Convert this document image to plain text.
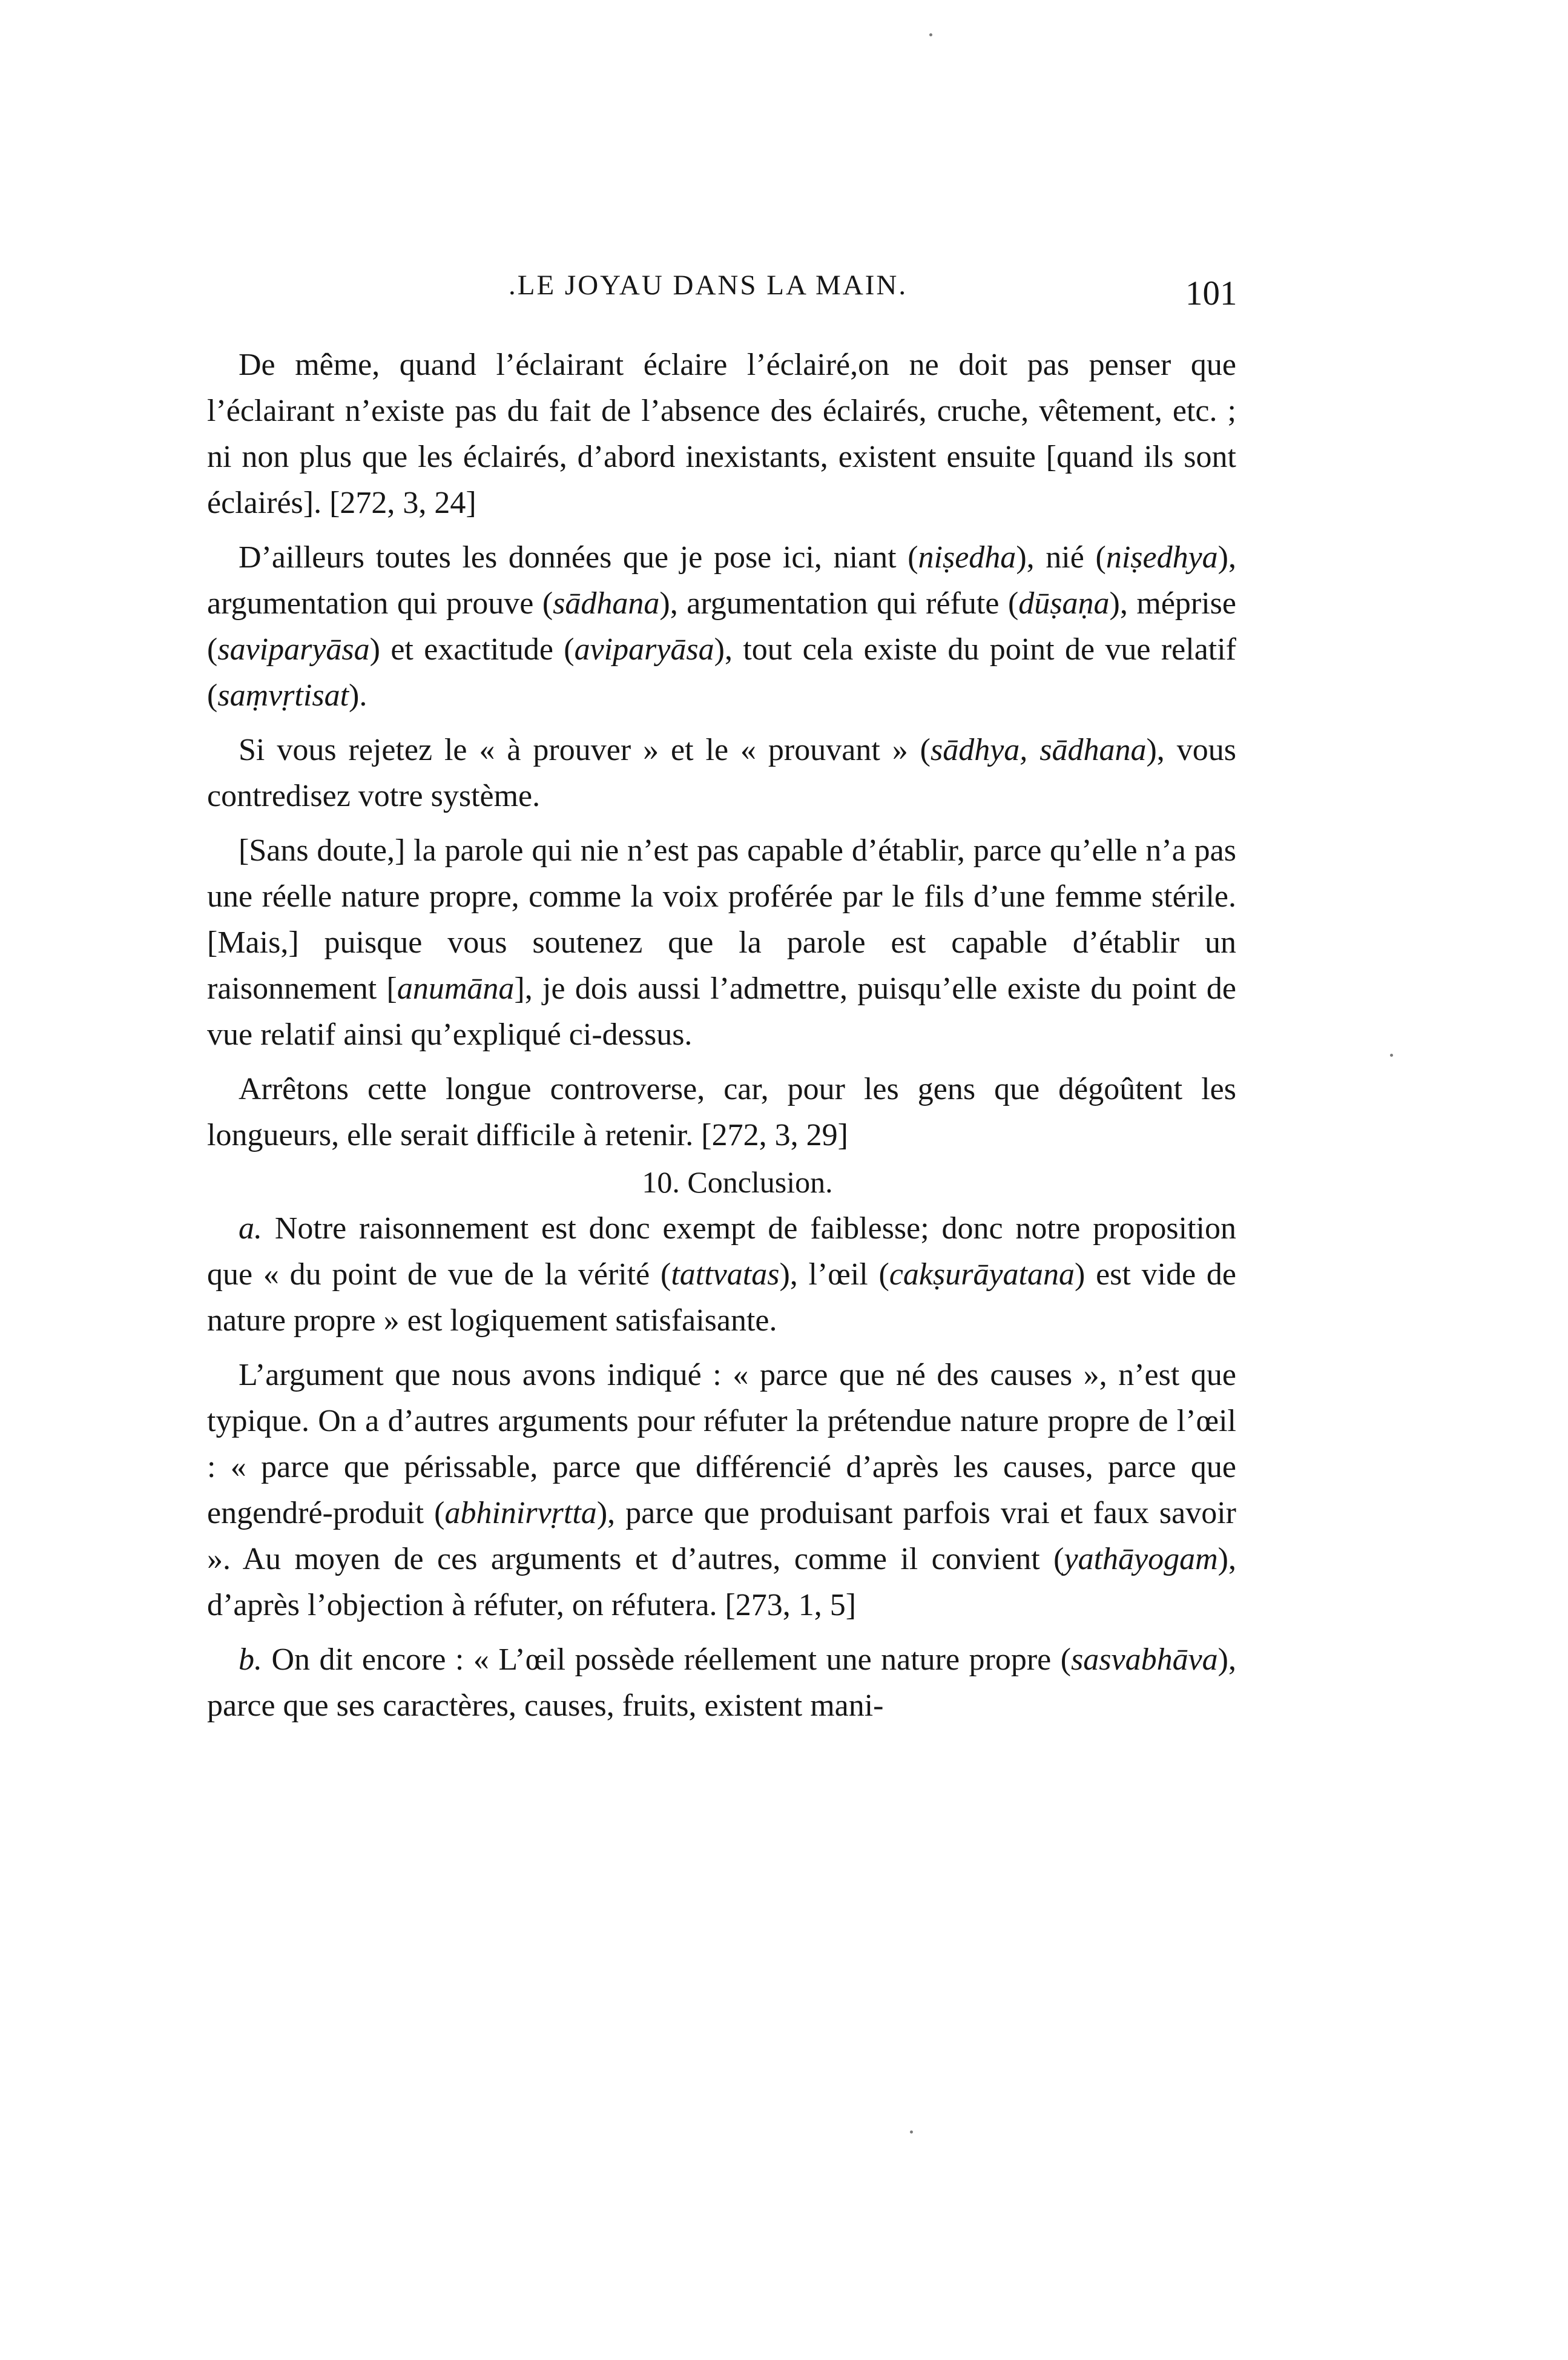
.LE JOYAU DANS LA MAIN.	101

De même, quand l’éclairant éclaire l’éclairé,on ne doit pas penser que l’éclairant n’existe pas du fait de l’absence des éclairés, cruche, vêtement, etc. ; ni non plus que les éclairés, d’abord inexistants, existent ensuite [quand ils sont éclairés]. [272, 3, 24]

D’ailleurs toutes les données que je pose ici, niant (niṣedha), nié (niṣedhya), argumentation qui prouve (sādhana), argumentation qui réfute (dūṣaṇa), méprise (saviparyāsa) et exactitude (aviparyāsa), tout cela existe du point de vue relatif (saṃvṛtisat).

Si vous rejetez le « à prouver » et le « prouvant » (sādhya, sādhana), vous contredisez votre système.

[Sans doute,] la parole qui nie n’est pas capable d’établir, parce qu’elle n’a pas une réelle nature propre, comme la voix proférée par le fils d’une femme stérile. [Mais,] puisque vous soutenez que la parole est capable d’établir un raisonnement [anumāna], je dois aussi l’admettre, puisqu’elle existe du point de vue relatif ainsi qu’expliqué ci-dessus.

Arrêtons cette longue controverse, car, pour les gens que dégoûtent les longueurs, elle serait difficile à retenir. [272, 3, 29]

10. Conclusion.

a. Notre raisonnement est donc exempt de faiblesse; donc notre proposition que « du point de vue de la vérité (tattvatas), l’œil (cakṣurāyatana) est vide de nature propre » est logiquement satisfaisante.

L’argument que nous avons indiqué : « parce que né des causes », n’est que typique. On a d’autres arguments pour réfuter la prétendue nature propre de l’œil : « parce que périssable, parce que différencié d’après les causes, parce que engendré-produit (abhinirvṛtta), parce que produisant parfois vrai et faux savoir ». Au moyen de ces arguments et d’autres, comme il convient (yathāyogam), d’après l’objection à réfuter, on réfutera. [273, 1, 5]

b. On dit encore : « L’œil possède réellement une nature propre (sasvabhāva), parce que ses caractères, causes, fruits, existent mani-
